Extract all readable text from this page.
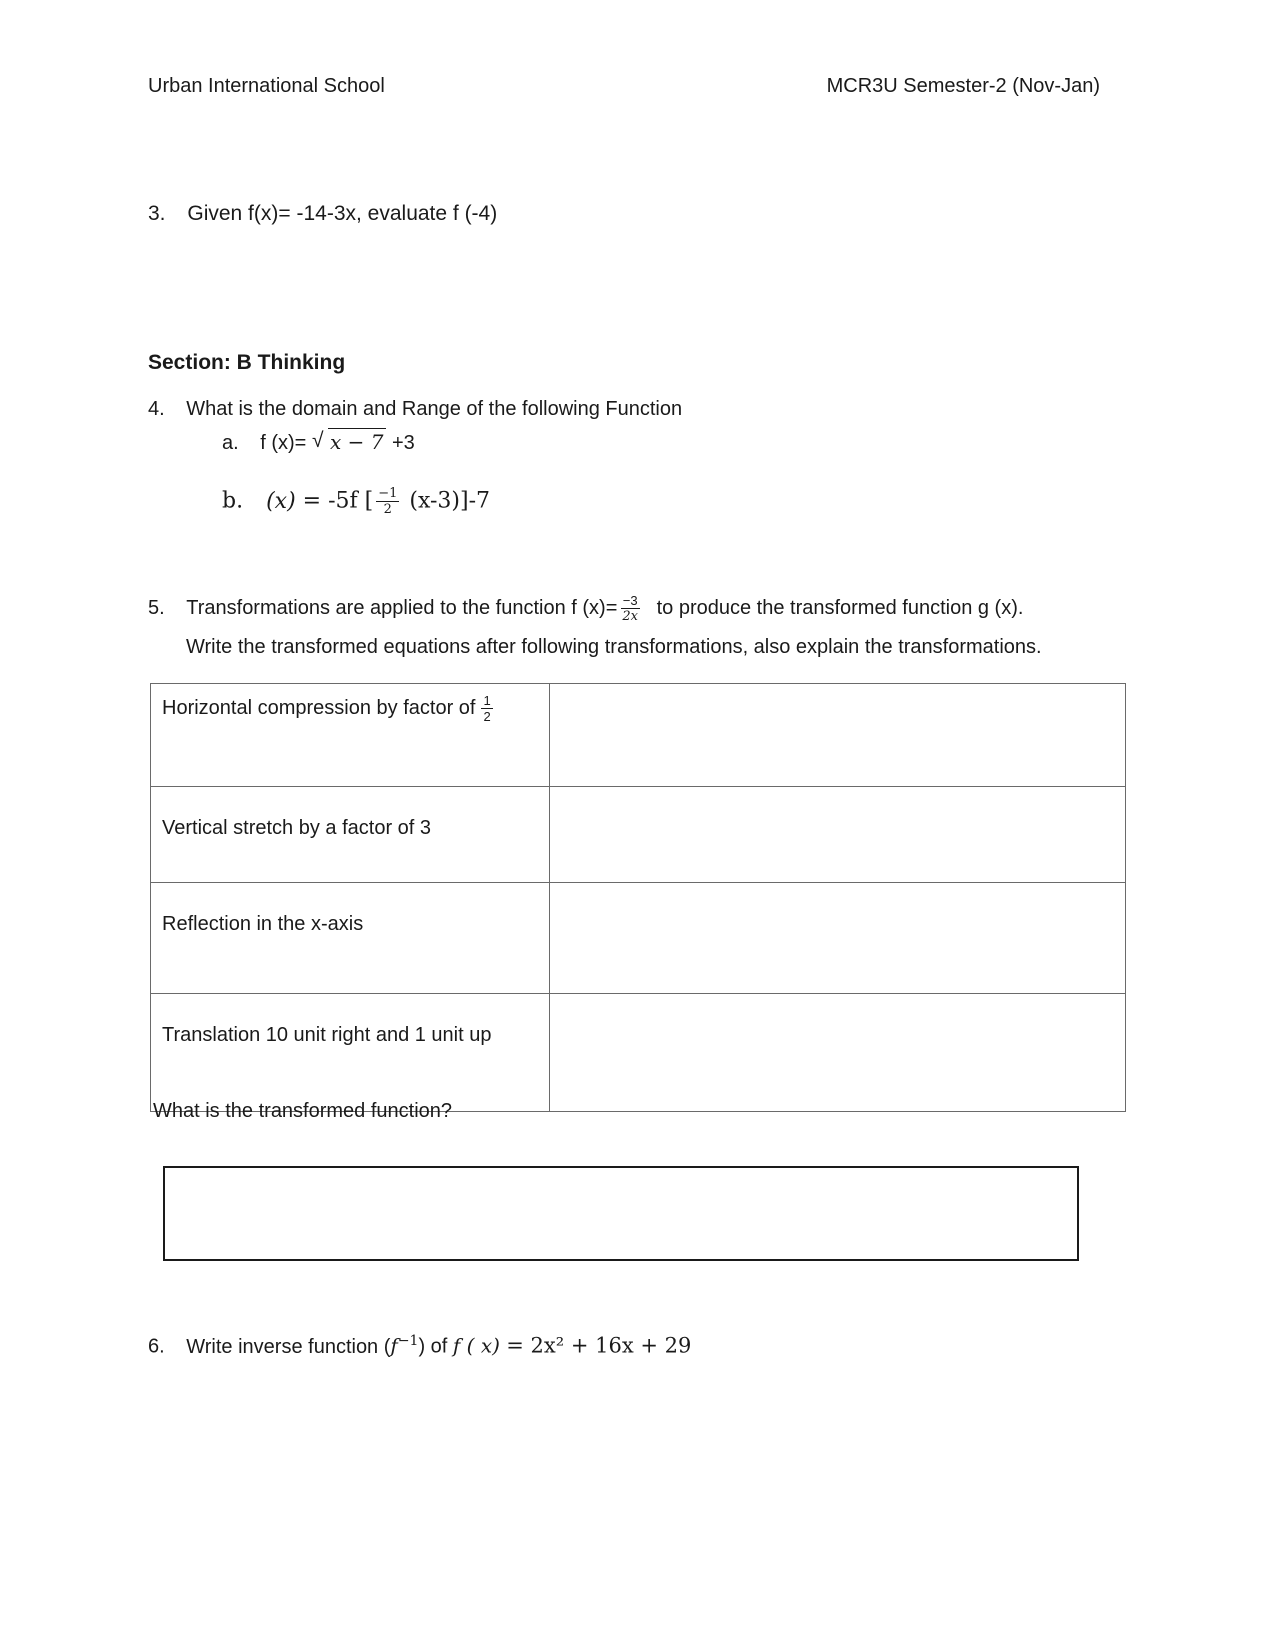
Urban International School	MCR3U Semester-2 (Nov-Jan)
3. Given f(x)= -14-3x, evaluate f (-4)
Section: B Thinking
4. What is the domain and Range of the following Function
a. f (x)= √ x − 7 +3
b. (x) = -5f [ $\frac{-1}{2} (x-3)]-7$
5. Transformations are applied to the function f $(x)= \frac{-3}{2x}$ to produce the transformed function g (x).
Write the transformed equations after following transformations, also explain the transformations.
Horizontal compression by factor of $\frac{1}{2}$

Vertical stretch by a factor of 3	

Reflection in the x-axis	

Translation 10 unit right and 1 unit up	

What is the transformed function?
6. Write inverse function $(f^{-1})$ of f ( x) = 2x² + 16x + 29
